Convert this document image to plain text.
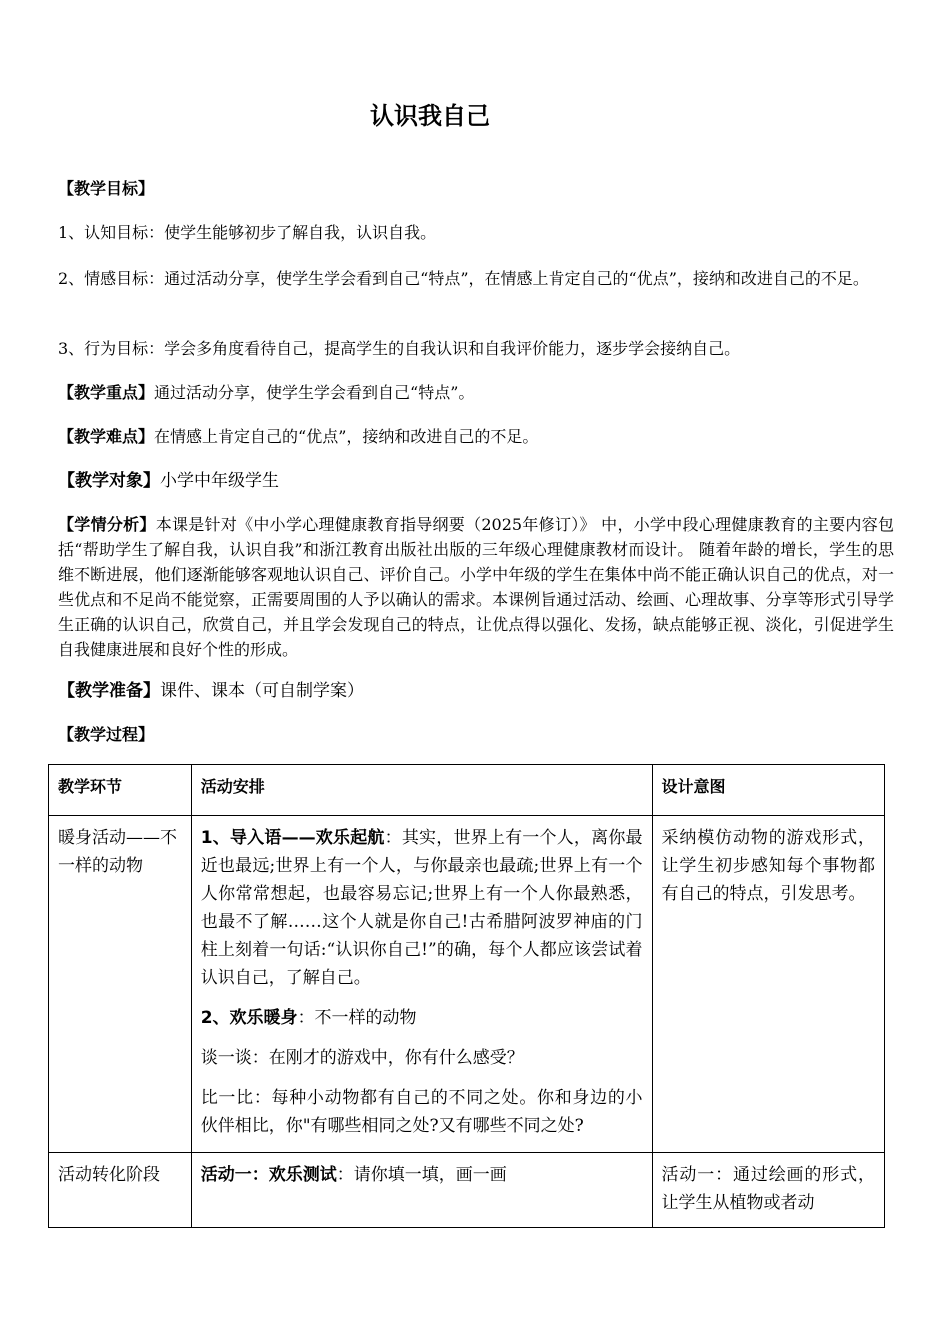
认识我自己
【教学目标】
1、认知目标：使学生能够初步了解自我，认识自我。
2、情感目标：通过活动分享，使学生学会看到自己“特点”，在情感上肯定自己的“优点”，接纳和改进自己的不足。
3、行为目标：学会多角度看待自己，提高学生的自我认识和自我评价能力，逐步学会接纳自己。
【教学重点】通过活动分享，使学生学会看到自己“特点”。
【教学难点】在情感上肯定自己的“优点”，接纳和改进自己的不足。
【教学对象】小学中年级学生
【学情分析】本课是针对《中小学心理健康教育指导纲要（2025年修订）》 中，小学中段心理健康教育的主要内容包括“帮助学生了解自我，认识自我”和浙江教育出版社出版的三年级心理健康教材而设计。 随着年龄的增长，学生的思维不断进展，他们逐渐能够客观地认识自己、评价自己。小学中年级的学生在集体中尚不能正确认识自己的优点，对一些优点和不足尚不能觉察，正需要周围的人予以确认的需求。本课例旨通过活动、绘画、心理故事、分享等形式引导学生正确的认识自己，欣赏自己，并且学会发现自己的特点，让优点得以强化、发扬，缺点能够正视、淡化，引促进学生自我健康进展和良好个性的形成。
【教学准备】课件、课本（可自制学案）
【教学过程】
教学环节	活动安排	设计意图
暖身活动——不一样的动物	1、导入语——欢乐起航：其实，世界上有一个人，离你最近也最远;世界上有一个人，与你最亲也最疏;世界上有一个人你常常想起，也最容易忘记;世界上有一个人你最熟悉，也最不了解……这个人就是你自己!古希腊阿波罗神庙的门柱上刻着一句话:“认识你自己!”的确，每个人都应该尝试着认识自己，了解自己。

2、欢乐暖身：不一样的动物

谈一谈：在刚才的游戏中，你有什么感受？

比一比：每种小动物都有自己的不同之处。你和身边的小伙伴相比，你"有哪些相同之处?又有哪些不同之处?	采纳模仿动物的游戏形式，让学生初步感知每个事物都有自己的特点，引发思考。
活动转化阶段	活动一：欢乐测试：请你填一填，画一画	活动一：通过绘画的形式，让学生从植物或者动
